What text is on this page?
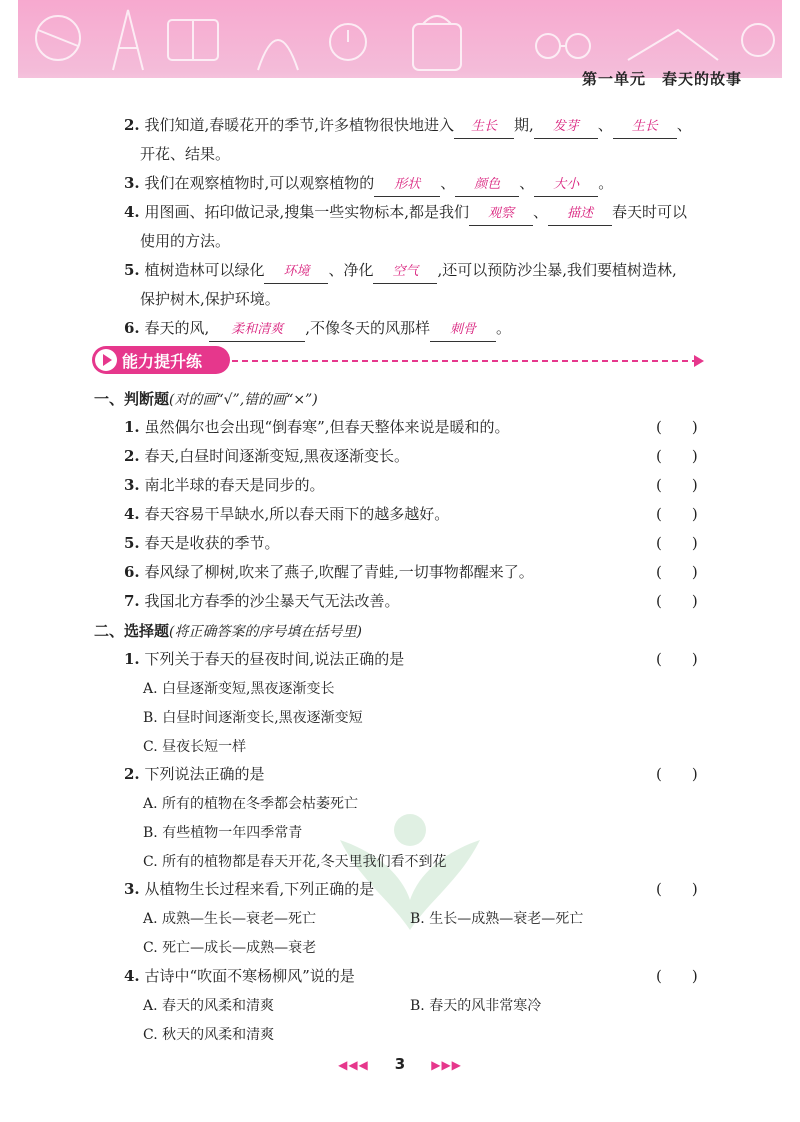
第一单元　春天的故事
2. 我们知道,春暖花开的季节,许多植物很快地进入 生长 期, 发芽 、 生长 、
开花、结果。
3. 我们在观察植物时,可以观察植物的 形状 、 颜色 、 大小 。
4. 用图画、拓印做记录,搜集一些实物标本,都是我们 观察 、 描述 春天时可以
使用的方法。
5. 植树造林可以绿化 环境 、净化 空气 ,还可以预防沙尘暴,我们要植树造林,
保护树木,保护环境。
6. 春天的风, 柔和清爽 ,不像冬天的风那样 刺骨 。
能力提升练
一、判断题(对的画“√”,错的画“×”)
1. 虽然偶尔也会出现“倒春寒”,但春天整体来说是暖和的。	(　　)
2. 春天,白昼时间逐渐变短,黑夜逐渐变长。	(　　)
3. 南北半球的春天是同步的。	(　　)
4. 春天容易干旱缺水,所以春天雨下的越多越好。	(　　)
5. 春天是收获的季节。	(　　)
6. 春风绿了柳树,吹来了燕子,吹醒了青蛙,一切事物都醒来了。	(　　)
7. 我国北方春季的沙尘暴天气无法改善。	(　　)
二、选择题(将正确答案的序号填在括号里)
1. 下列关于春天的昼夜时间,说法正确的是	(　　)
A. 白昼逐渐变短,黑夜逐渐变长
B. 白昼时间逐渐变长,黑夜逐渐变短
C. 昼夜长短一样
2. 下列说法正确的是	(　　)
A. 所有的植物在冬季都会枯萎死亡
B. 有些植物一年四季常青
C. 所有的植物都是春天开花,冬天里我们看不到花
3. 从植物生长过程来看,下列正确的是	(　　)
A. 成熟—生长—衰老—死亡	B. 生长—成熟—衰老—死亡
C. 死亡—成长—成熟—衰老
4. 古诗中“吹面不寒杨柳风”说的是	(　　)
A. 春天的风柔和清爽	B. 春天的风非常寒冷
C. 秋天的风柔和清爽
◀◀◀ 3 ▶▶▶
